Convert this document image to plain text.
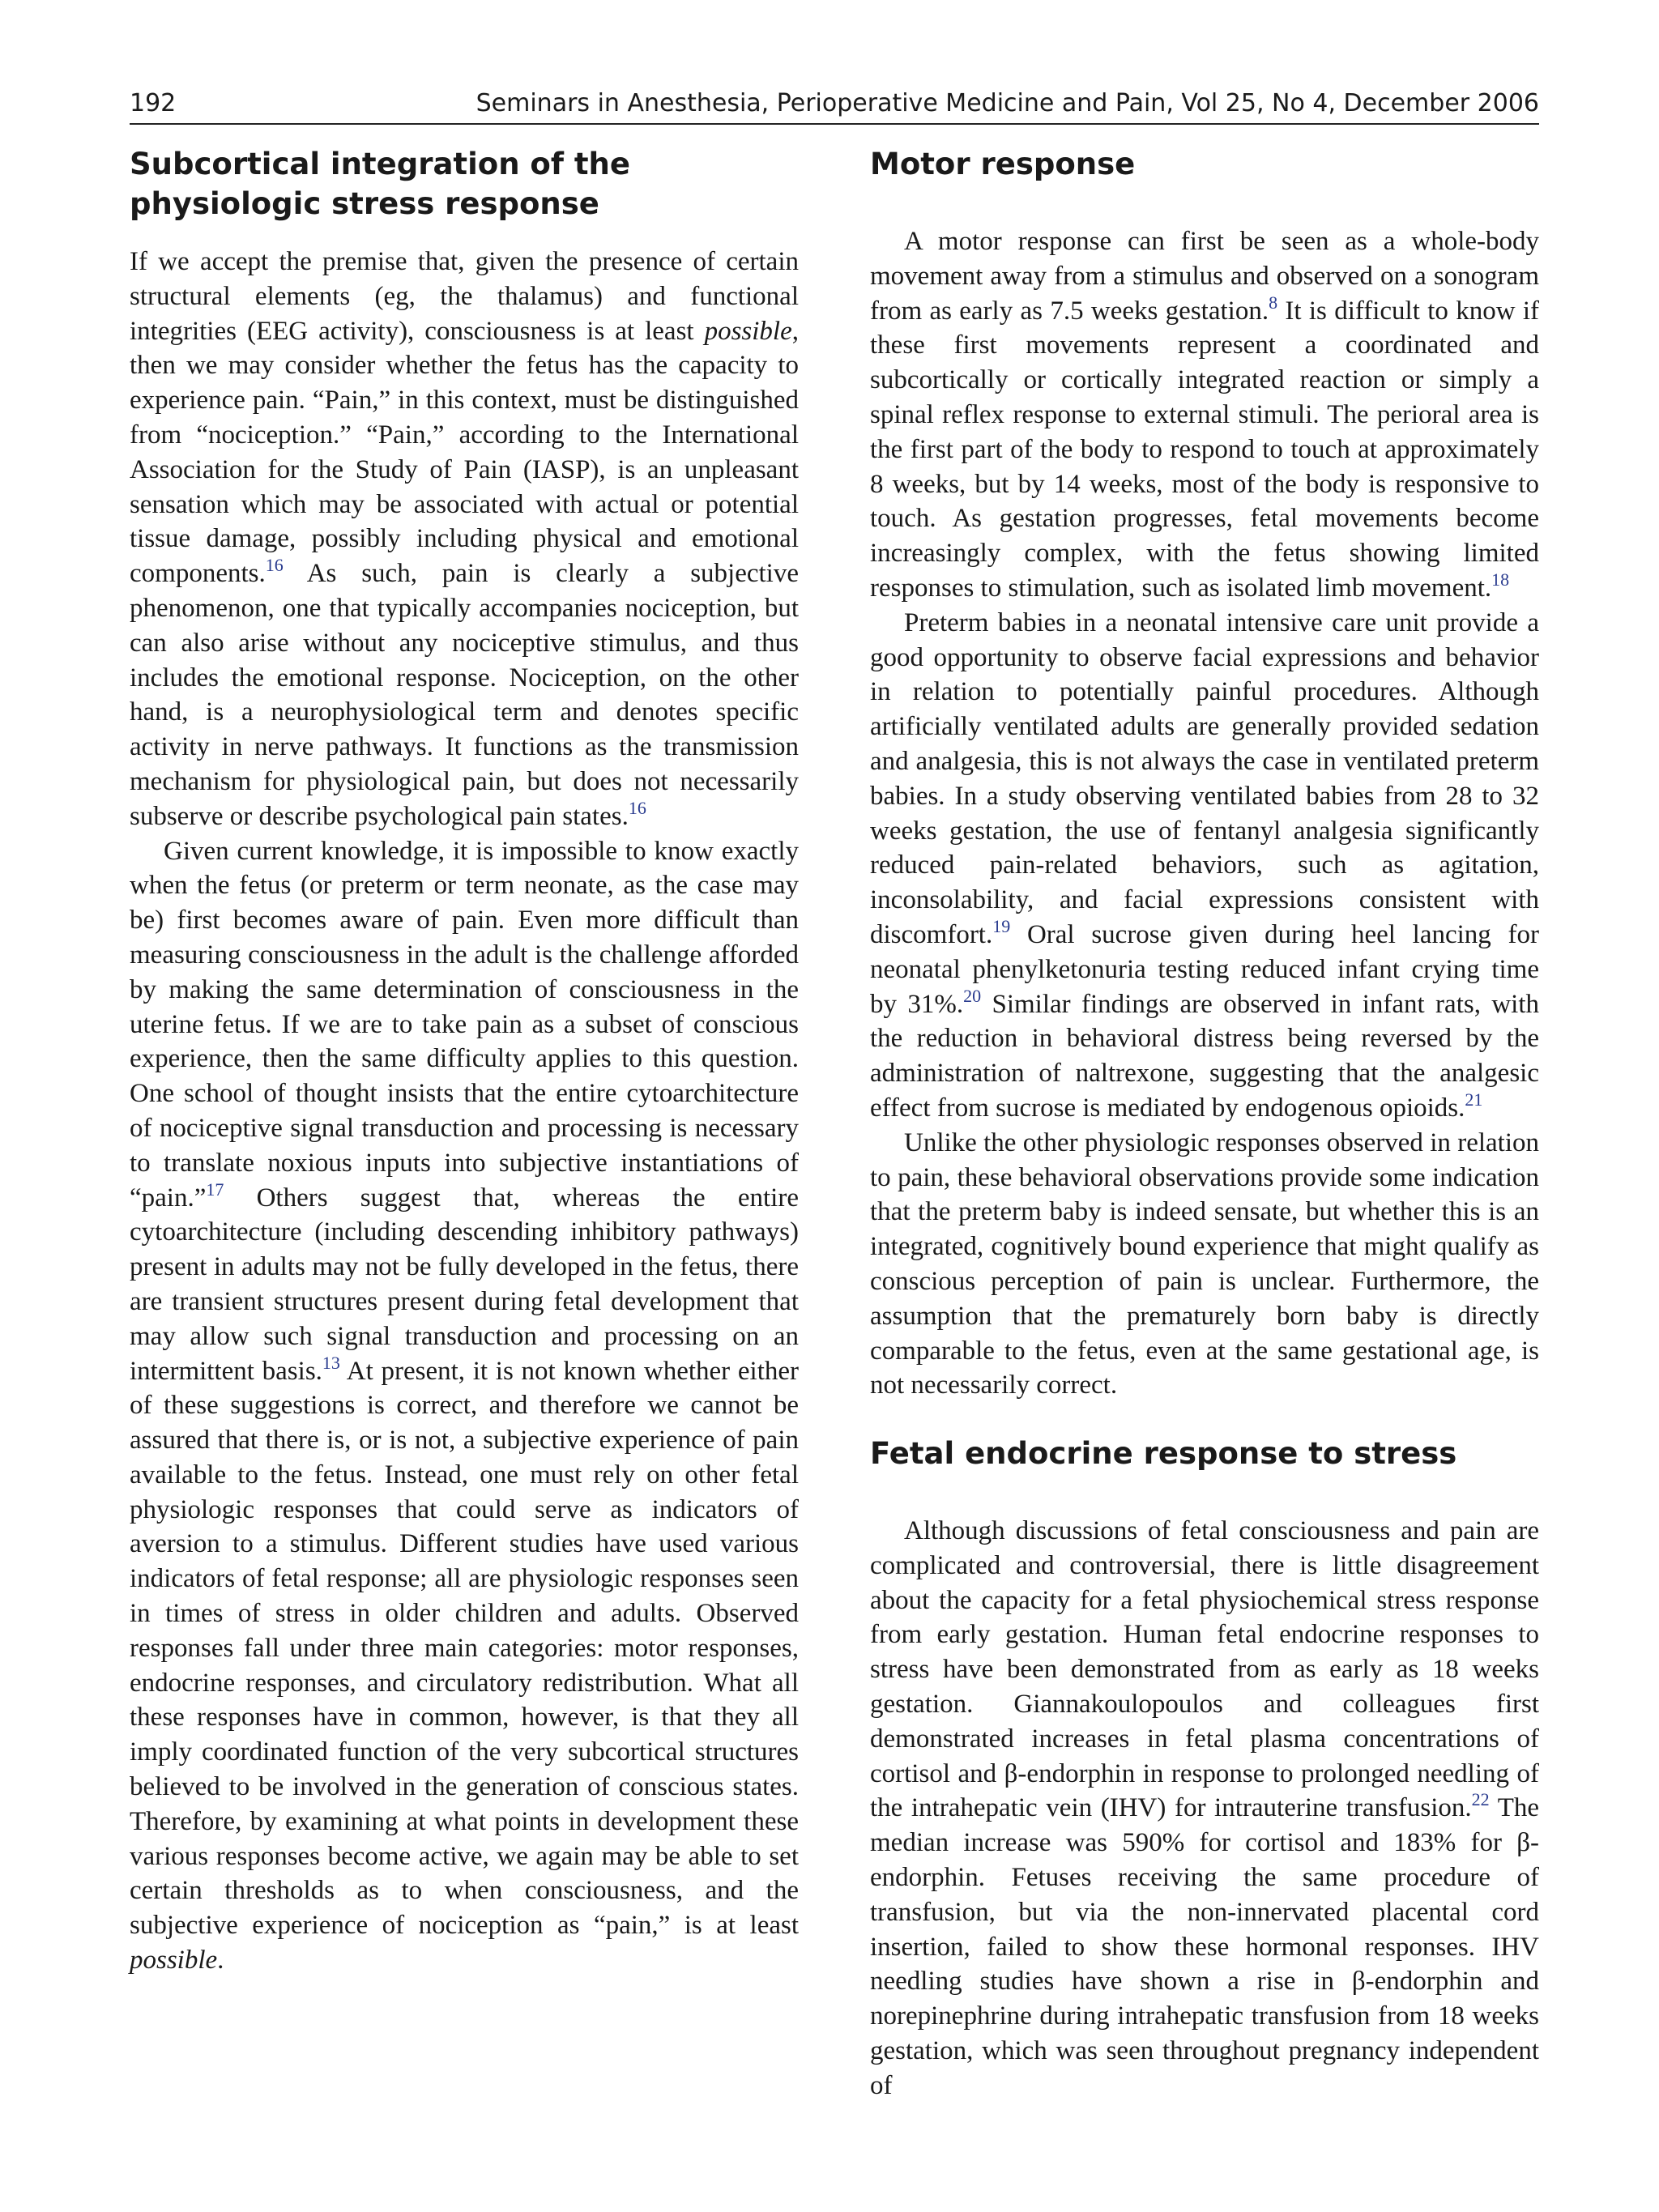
192	Seminars in Anesthesia, Perioperative Medicine and Pain, Vol 25, No 4, December 2006
Subcortical integration of the physiologic stress response

If we accept the premise that, given the presence of certain structural elements (eg, the thalamus) and functional integrities (EEG activity), consciousness is at least possible, then we may consider whether the fetus has the capacity to experience pain. “Pain,” in this context, must be distinguished from “nociception.” “Pain,” according to the International Association for the Study of Pain (IASP), is an unpleasant sensation which may be associated with actual or potential tissue damage, possibly including physical and emotional components.$^{16}$ As such, pain is clearly a subjective phenomenon, one that typically accompanies nociception, but can also arise without any nociceptive stimulus, and thus includes the emotional response. Nociception, on the other hand, is a neurophysiological term and denotes specific activity in nerve pathways. It functions as the transmission mechanism for physiological pain, but does not necessarily subserve or describe psychological pain states.$^{16}$

Given current knowledge, it is impossible to know exactly when the fetus (or preterm or term neonate, as the case may be) first becomes aware of pain. Even more difficult than measuring consciousness in the adult is the challenge afforded by making the same determination of consciousness in the uterine fetus. If we are to take pain as a subset of conscious experience, then the same difficulty applies to this question. One school of thought insists that the entire cytoarchitecture of nociceptive signal transduction and processing is necessary to translate noxious inputs into subjective instantiations of “pain.”$^{17}$ Others suggest that, whereas the entire cytoarchitecture (including descending inhibitory pathways) present in adults may not be fully developed in the fetus, there are transient structures present during fetal development that may allow such signal transduction and processing on an intermittent basis.$^{13}$ At present, it is not known whether either of these suggestions is correct, and therefore we cannot be assured that there is, or is not, a subjective experience of pain available to the fetus. Instead, one must rely on other fetal physiologic responses that could serve as indicators of aversion to a stimulus. Different studies have used various indicators of fetal response; all are physiologic responses seen in times of stress in older children and adults. Observed responses fall under three main categories: motor responses, endocrine responses, and circulatory redistribution. What all these responses have in common, however, is that they all imply coordinated function of the very subcortical structures believed to be involved in the generation of conscious states. Therefore, by examining at what points in development these various responses become active, we again may be able to set certain thresholds as to when consciousness, and the subjective experience of nociception as “pain,” is at least possible.

Motor response

A motor response can first be seen as a whole-body movement away from a stimulus and observed on a sonogram from as early as 7.5 weeks gestation.$^8$ It is difficult to know if these first movements represent a coordinated and subcortically or cortically integrated reaction or simply a spinal reflex response to external stimuli. The perioral area is the first part of the body to respond to touch at approximately 8 weeks, but by 14 weeks, most of the body is responsive to touch. As gestation progresses, fetal movements become increasingly complex, with the fetus showing limited responses to stimulation, such as isolated limb movement.$^{18}$

Preterm babies in a neonatal intensive care unit provide a good opportunity to observe facial expressions and behavior in relation to potentially painful procedures. Although artificially ventilated adults are generally provided sedation and analgesia, this is not always the case in ventilated preterm babies. In a study observing ventilated babies from 28 to 32 weeks gestation, the use of fentanyl analgesia significantly reduced pain-related behaviors, such as agitation, inconsolability, and facial expressions consistent with discomfort.$^{19}$ Oral sucrose given during heel lancing for neonatal phenylketonuria testing reduced infant crying time by 31%.$^{20}$ Similar findings are observed in infant rats, with the reduction in behavioral distress being reversed by the administration of naltrexone, suggesting that the analgesic effect from sucrose is mediated by endogenous opioids.$^{21}$

Unlike the other physiologic responses observed in relation to pain, these behavioral observations provide some indication that the preterm baby is indeed sensate, but whether this is an integrated, cognitively bound experience that might qualify as conscious perception of pain is unclear. Furthermore, the assumption that the prematurely born baby is directly comparable to the fetus, even at the same gestational age, is not necessarily correct.

Fetal endocrine response to stress

Although discussions of fetal consciousness and pain are complicated and controversial, there is little disagreement about the capacity for a fetal physiochemical stress response from early gestation. Human fetal endocrine responses to stress have been demonstrated from as early as 18 weeks gestation. Giannakoulopoulos and colleagues first demonstrated increases in fetal plasma concentrations of cortisol and β-endorphin in response to prolonged needling of the intrahepatic vein (IHV) for intrauterine transfusion.$^{22}$ The median increase was 590% for cortisol and 183% for β-endorphin. Fetuses receiving the same procedure of transfusion, but via the non-innervated placental cord insertion, failed to show these hormonal responses. IHV needling studies have shown a rise in β-endorphin and norepinephrine during intrahepatic transfusion from 18 weeks gestation, which was seen throughout pregnancy independent of
